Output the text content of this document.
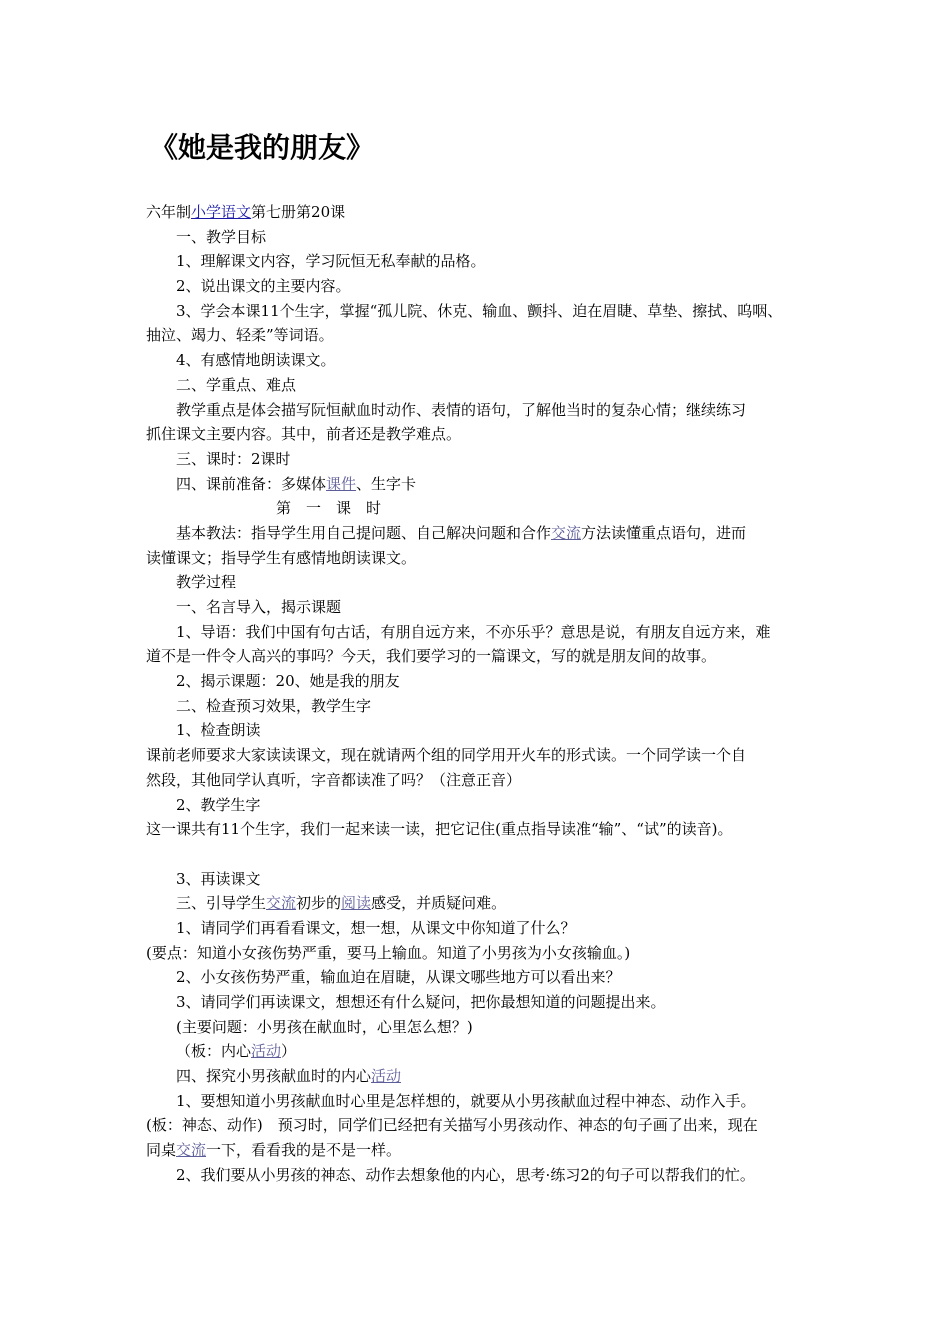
《她是我的朋友》
六年制小学语文第七册第20课
一、教学目标
1、理解课文内容，学习阮恒无私奉献的品格。
2、说出课文的主要内容。
3、学会本课11个生字，掌握“孤儿院、休克、输血、颤抖、迫在眉睫、草垫、擦拭、呜咽、
抽泣、竭力、轻柔”等词语。
4、有感情地朗读课文。
二、学重点、难点
教学重点是体会描写阮恒献血时动作、表情的语句，了解他当时的复杂心情；继续练习
抓住课文主要内容。其中，前者还是教学难点。
三、课时：2课时
四、课前准备：多媒体课件、生字卡
第　一　课　时
基本教法：指导学生用自己提问题、自己解决问题和合作交流方法读懂重点语句，进而
读懂课文；指导学生有感情地朗读课文。
教学过程
一、名言导入，揭示课题
1、导语：我们中国有句古话，有朋自远方来，不亦乐乎？意思是说，有朋友自远方来，难
道不是一件令人高兴的事吗？今天，我们要学习的一篇课文，写的就是朋友间的故事。
2、揭示课题：20、她是我的朋友
二、检查预习效果，教学生字
1、检查朗读
课前老师要求大家读读课文，现在就请两个组的同学用开火车的形式读。一个同学读一个自
然段，其他同学认真听，字音都读准了吗？（注意正音）
2、教学生字
这一课共有11个生字，我们一起来读一读，把它记住(重点指导读准“输”、“试”的读音)。
3、再读课文
三、引导学生交流初步的阅读感受，并质疑问难。
1、请同学们再看看课文，想一想，从课文中你知道了什么？
(要点：知道小女孩伤势严重，要马上输血。知道了小男孩为小女孩输血。)
2、小女孩伤势严重，输血迫在眉睫，从课文哪些地方可以看出来？
3、请同学们再读课文，想想还有什么疑问，把你最想知道的问题提出来。
(主要问题：小男孩在献血时，心里怎么想？)
（板：内心活动）
四、探究小男孩献血时的内心活动
1、要想知道小男孩献血时心里是怎样想的，就要从小男孩献血过程中神态、动作入手。
(板：神态、动作)　预习时，同学们已经把有关描写小男孩动作、神态的句子画了出来，现在
同桌交流一下，看看我的是不是一样。
2、我们要从小男孩的神态、动作去想象他的内心，思考·练习2的句子可以帮我们的忙。
